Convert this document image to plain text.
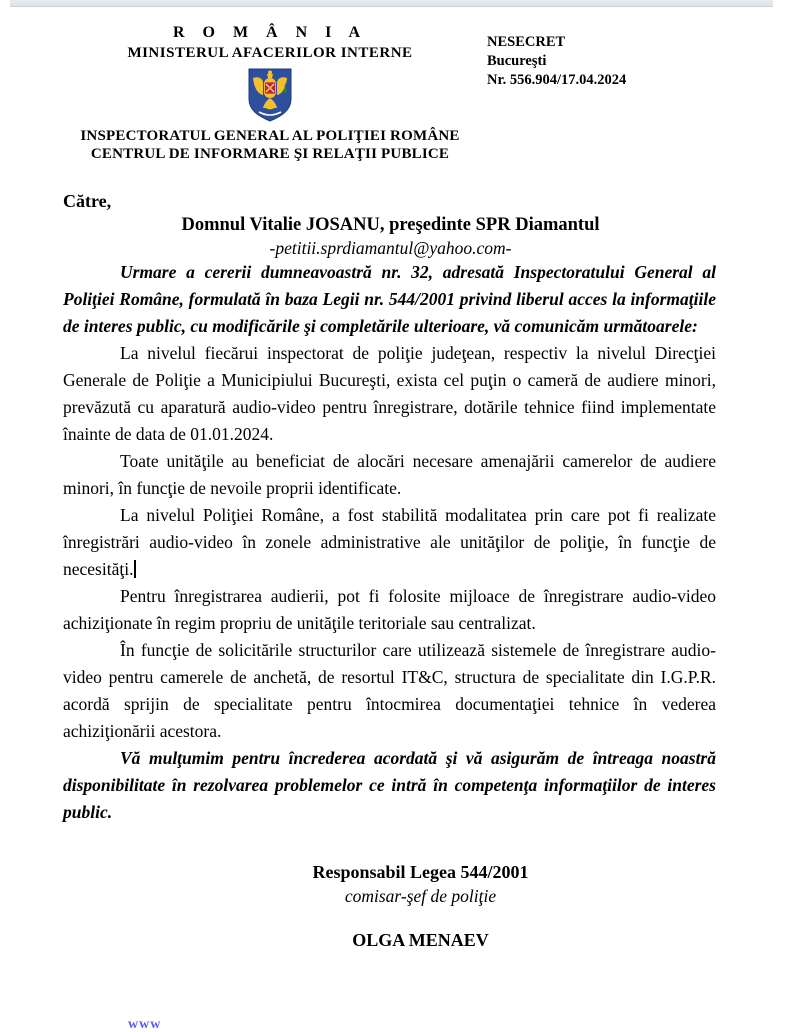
R O M Â N I A
MINISTERUL AFACERILOR INTERNE
INSPECTORATUL GENERAL AL POLIŢIEI ROMÂNE
CENTRUL DE INFORMARE ŞI RELAŢII PUBLICE
NESECRET
Bucureşti
Nr. 556.904/17.04.2024
Către,
Domnul Vitalie JOSANU, preşedinte SPR Diamantul
-petitii.sprdiamantul@yahoo.com-

Urmare a cererii dumneavoastră nr. 32, adresată Inspectoratului General al Poliţiei Române, formulată în baza Legii nr. 544/2001 privind liberul acces la informaţiile de interes public, cu modificările şi completările ulterioare, vă comunicăm următoarele:

La nivelul fiecărui inspectorat de poliţie judeţean, respectiv la nivelul Direcţiei Generale de Poliţie a Municipiului Bucureşti, exista cel puţin o cameră de audiere minori, prevăzută cu aparatură audio-video pentru înregistrare, dotările tehnice fiind implementate înainte de data de 01.01.2024.

Toate unităţile au beneficiat de alocări necesare amenajării camerelor de audiere minori, în funcţie de nevoile proprii identificate.

La nivelul Poliţiei Române, a fost stabilită modalitatea prin care pot fi realizate înregistrări audio-video în zonele administrative ale unităţilor de poliţie, în funcţie de necesităţi.

Pentru înregistrarea audierii, pot fi folosite mijloace de înregistrare audio-video achiziţionate în regim propriu de unităţile teritoriale sau centralizat.

În funcţie de solicitările structurilor care utilizează sistemele de înregistrare audio-video pentru camerele de anchetă, de resortul IT&C, structura de specialitate din I.G.P.R. acordă sprijin de specialitate pentru întocmirea documentaţiei tehnice în vederea achiziţionării acestora.

Vă mulţumim pentru încrederea acordată şi vă asigurăm de întreaga noastră disponibilitate în rezolvarea problemelor ce intră în competenţa informaţiilor de interes public.

Responsabil Legea 544/2001
comisar-şef de poliţie
OLGA MENAEV
www
